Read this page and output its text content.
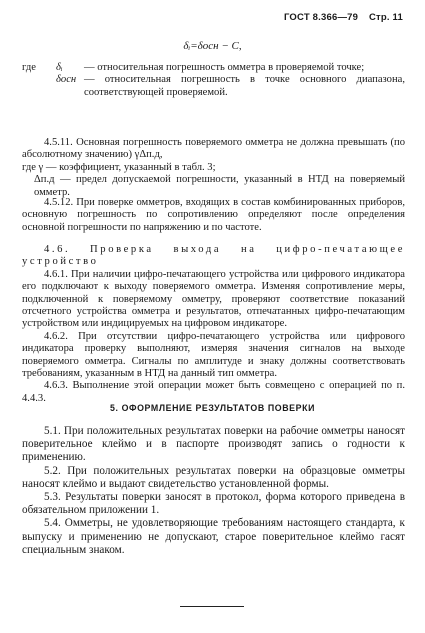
ГОСТ 8.366—79 Стр. 11
δᵢ=δосн − C,
где	δᵢ	— относительная погрешность омметра в проверяемой точке;
δосн — относительная погрешность в точке основного диапазона, соответствующей проверяемой.

4.5.11. Основная погрешность поверяемого омметра не должна превышать (по абсолютному значению) γΔп.д,

где γ — коэффициент, указанный в табл. 3;

Δп.д — предел допускаемой погрешности, указанный в НТД на поверяемый омметр.

4.5.12. При поверке омметров, входящих в состав комбинированных приборов, основную погрешность по сопротивлению определяют после определения основной погрешности по напряжению и по частоте.

4.6. Проверка выхода на цифро-печатающее устройство

4.6.1. При наличии цифро-печатающего устройства или цифрового индикатора его подключают к выходу поверяемого омметра. Изменяя сопротивление меры, подключенной к поверяемому омметру, проверяют соответствие показаний отсчетного устройства омметра и результатов, отпечатанных цифро-печатающим устройством или индицируемых на цифровом индикаторе.

4.6.2. При отсутствии цифро-печатающего устройства или цифрового индикатора проверку выполняют, измеряя значения сигналов на выходе поверяемого омметра. Сигналы по амплитуде и знаку должны соответствовать требованиям, указанным в НТД на данный тип омметра.

4.6.3. Выполнение этой операции может быть совмещено с операцией по п. 4.4.3.

5. ОФОРМЛЕНИЕ РЕЗУЛЬТАТОВ ПОВЕРКИ

5.1. При положительных результатах поверки на рабочие омметры наносят поверительное клеймо и в паспорте производят запись о годности к применению.

5.2. При положительных результатах поверки на образцовые омметры наносят клеймо и выдают свидетельство установленной формы.

5.3. Результаты поверки заносят в протокол, форма которого приведена в обязательном приложении 1.

5.4. Омметры, не удовлетворяющие требованиям настоящего стандарта, к выпуску и применению не допускают, старое поверительное клеймо гасят специальным знаком.
